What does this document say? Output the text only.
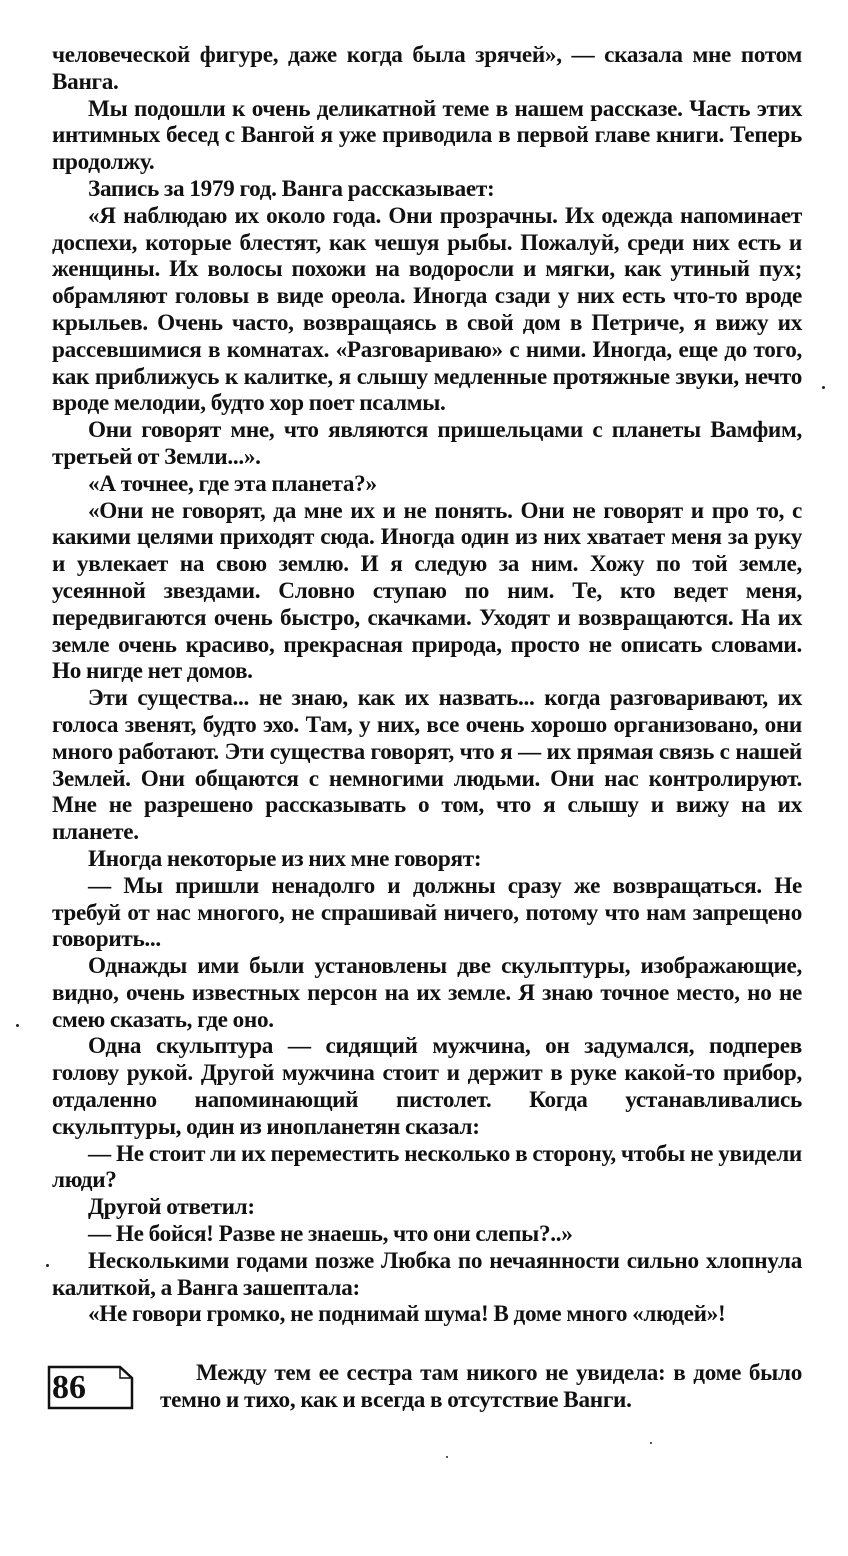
человеческой фигуре, даже когда была зрячей», — сказала мне потом Ванга.

Мы подошли к очень деликатной теме в нашем рассказе. Часть этих интимных бесед с Вангой я уже приводила в первой главе книги. Теперь продолжу.

Запись за 1979 год. Ванга рассказывает:

«Я наблюдаю их около года. Они прозрачны. Их одежда напоминает доспехи, которые блестят, как чешуя рыбы. Пожалуй, среди них есть и женщины. Их волосы похожи на водоросли и мягки, как утиный пух; обрамляют головы в виде ореола. Иногда сзади у них есть что-то вроде крыльев. Очень часто, возвращаясь в свой дом в Петриче, я вижу их рассевшимися в комнатах. «Разговариваю» с ними. Иногда, еще до того, как приближусь к калитке, я слышу медленные протяжные звуки, нечто вроде мелодии, будто хор поет псалмы.

Они говорят мне, что являются пришельцами с планеты Вамфим, третьей от Земли...».

«А точнее, где эта планета?»

«Они не говорят, да мне их и не понять. Они не говорят и про то, с какими целями приходят сюда. Иногда один из них хватает меня за руку и увлекает на свою землю. И я следую за ним. Хожу по той земле, усеянной звездами. Словно ступаю по ним. Те, кто ведет меня, передвигаются очень быстро, скачками. Уходят и возвращаются. На их земле очень красиво, прекрасная природа, просто не описать словами. Но нигде нет домов.

Эти существа... не знаю, как их назвать... когда разговаривают, их голоса звенят, будто эхо. Там, у них, все очень хорошо организовано, они много работают. Эти существа говорят, что я — их прямая связь с нашей Землей. Они общаются с немногими людьми. Они нас контролируют. Мне не разрешено рассказывать о том, что я слышу и вижу на их планете.

Иногда некоторые из них мне говорят:

— Мы пришли ненадолго и должны сразу же возвращаться. Не требуй от нас многого, не спрашивай ничего, потому что нам запрещено говорить...

Однажды ими были установлены две скульптуры, изображающие, видно, очень известных персон на их земле. Я знаю точное место, но не смею сказать, где оно.

Одна скульптура — сидящий мужчина, он задумался, подперев голову рукой. Другой мужчина стоит и держит в руке какой-то прибор, отдаленно напоминающий пистолет. Когда устанавливались скульптуры, один из инопланетян сказал:

— Не стоит ли их переместить несколько в сторону, чтобы не увидели люди?

Другой ответил:

— Не бойся! Разве не знаешь, что они слепы?..»

Несколькими годами позже Любка по нечаянности сильно хлопнула калиткой, а Ванга зашептала:

«Не говори громко, не поднимай шума! В доме много «людей»!

86	Между тем ее сестра там никого не увидела: в доме было темно и тихо, как и всегда в отсутствие Ванги.
